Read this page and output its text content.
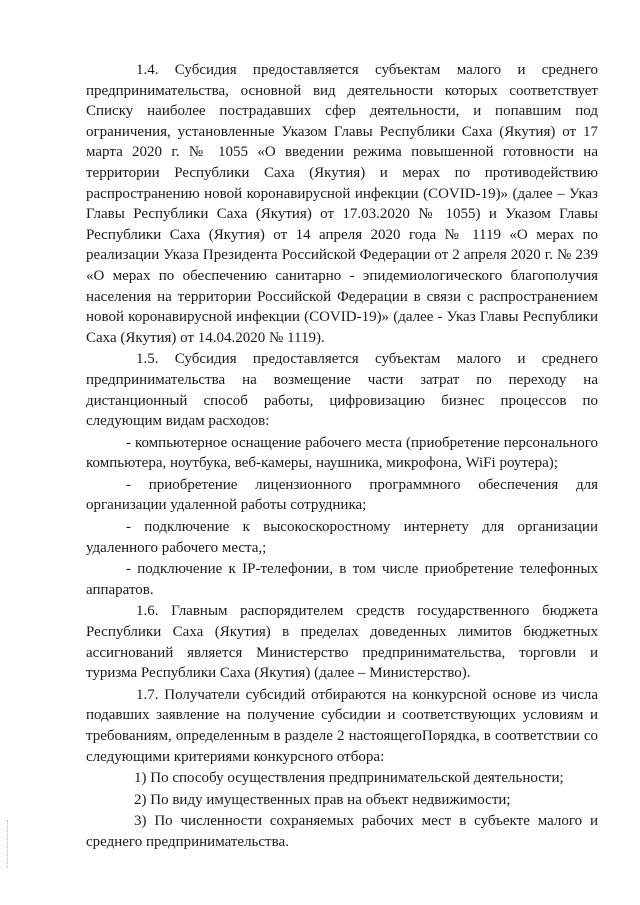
1.4. Субсидия предоставляется субъектам малого и среднего предпринимательства, основной вид деятельности которых соответствует Списку наиболее пострадавших сфер деятельности, и попавшим под ограничения, установленные Указом Главы Республики Саха (Якутия) от 17 марта 2020 г. № 1055 «О введении режима повышенной готовности на территории Республики Саха (Якутия) и мерах по противодействию распространению новой коронавирусной инфекции (COVID-19)» (далее – Указ Главы Республики Саха (Якутия) от 17.03.2020 № 1055) и Указом Главы Республики Саха (Якутия) от 14 апреля 2020 года № 1119 «О мерах по реализации Указа Президента Российской Федерации от 2 апреля 2020 г. № 239 «О мерах по обеспечению санитарно - эпидемиологического благополучия населения на территории Российской Федерации в связи с распространением новой коронавирусной инфекции (COVID-19)» (далее - Указ Главы Республики Саха (Якутия) от 14.04.2020 № 1119).

1.5. Субсидия предоставляется субъектам малого и среднего предпринимательства на возмещение части затрат по переходу на дистанционный способ работы, цифровизацию бизнес процессов по следующим видам расходов:

- компьютерное оснащение рабочего места (приобретение персонального компьютера, ноутбука, веб-камеры, наушника, микрофона, WiFi роутера);

- приобретение лицензионного программного обеспечения для организации удаленной работы сотрудника;

- подключение к высокоскоростному интернету для организации удаленного рабочего места,;

- подключение к IP-телефонии, в том числе приобретение телефонных аппаратов.

1.6. Главным распорядителем средств государственного бюджета Республики Саха (Якутия) в пределах доведенных лимитов бюджетных ассигнований является Министерство предпринимательства, торговли и туризма Республики Саха (Якутия) (далее – Министерство).

1.7. Получатели субсидий отбираются на конкурсной основе из числа подавших заявление на получение субсидии и соответствующих условиям и требованиям, определенным в разделе 2 настоящегоПорядка, в соответствии со следующими критериями конкурсного отбора:

1) По способу осуществления предпринимательской деятельности;

2) По виду имущественных прав на объект недвижимости;

3) По численности сохраняемых рабочих мест в субъекте малого и среднего предпринимательства.
